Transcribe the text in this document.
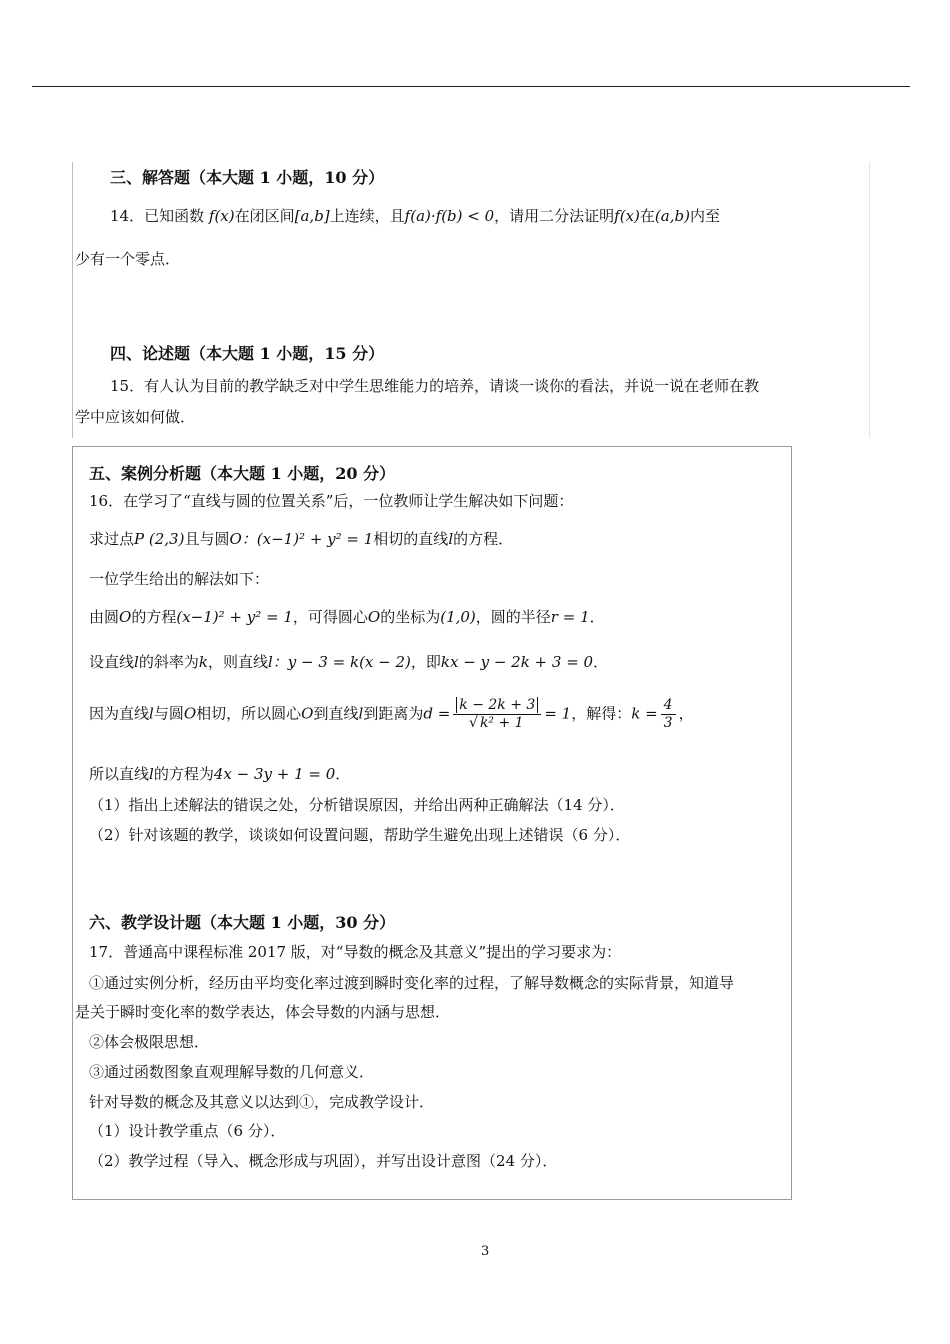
三、解答题（本大题 1 小题，10 分）
14．已知函数 f(x)在闭区间[a,b]上连续，且f(a)·f(b) < 0，请用二分法证明f(x)在(a,b)内至
少有一个零点．
四、论述题（本大题 1 小题，15 分）
15．有人认为目前的教学缺乏对中学生思维能力的培养，请谈一谈你的看法，并说一说在老师在教
学中应该如何做．
五、案例分析题（本大题 1 小题，20 分）
16．在学习了“直线与圆的位置关系”后，一位教师让学生解决如下问题：
求过点P (2,3)且与圆O：(x−1)² + y² = 1相切的直线l的方程．
一位学生给出的解法如下：
由圆O的方程(x−1)² + y² = 1，可得圆心O的坐标为(1,0)，圆的半径r = 1．
设直线l的斜率为k，则直线l：y − 3 = k(x − 2)，即kx − y − 2k + 3 = 0．
因为直线l与圆O相切，所以圆心O到直线l到距离为$d = \frac{k - 2k + 3}{\text{√ k² + 1}} = 1$，解得：$k = \frac{4}{3}$ ，
所以直线l的方程为4x − 3y + 1 = 0．
（1）指出上述解法的错误之处，分析错误原因，并给出两种正确解法（14 分）．
（2）针对该题的教学，谈谈如何设置问题，帮助学生避免出现上述错误（6 分）．
六、教学设计题（本大题 1 小题，30 分）
17．普通高中课程标准 2017 版，对“导数的概念及其意义”提出的学习要求为：
①通过实例分析，经历由平均变化率过渡到瞬时变化率的过程，了解导数概念的实际背景，知道导
是关于瞬时变化率的数学表达，体会导数的内涵与思想．
②体会极限思想．
③通过函数图象直观理解导数的几何意义．
针对导数的概念及其意义以达到①，完成教学设计．
（1）设计教学重点（6 分）．
（2）教学过程（导入、概念形成与巩固），并写出设计意图（24 分）．
3
